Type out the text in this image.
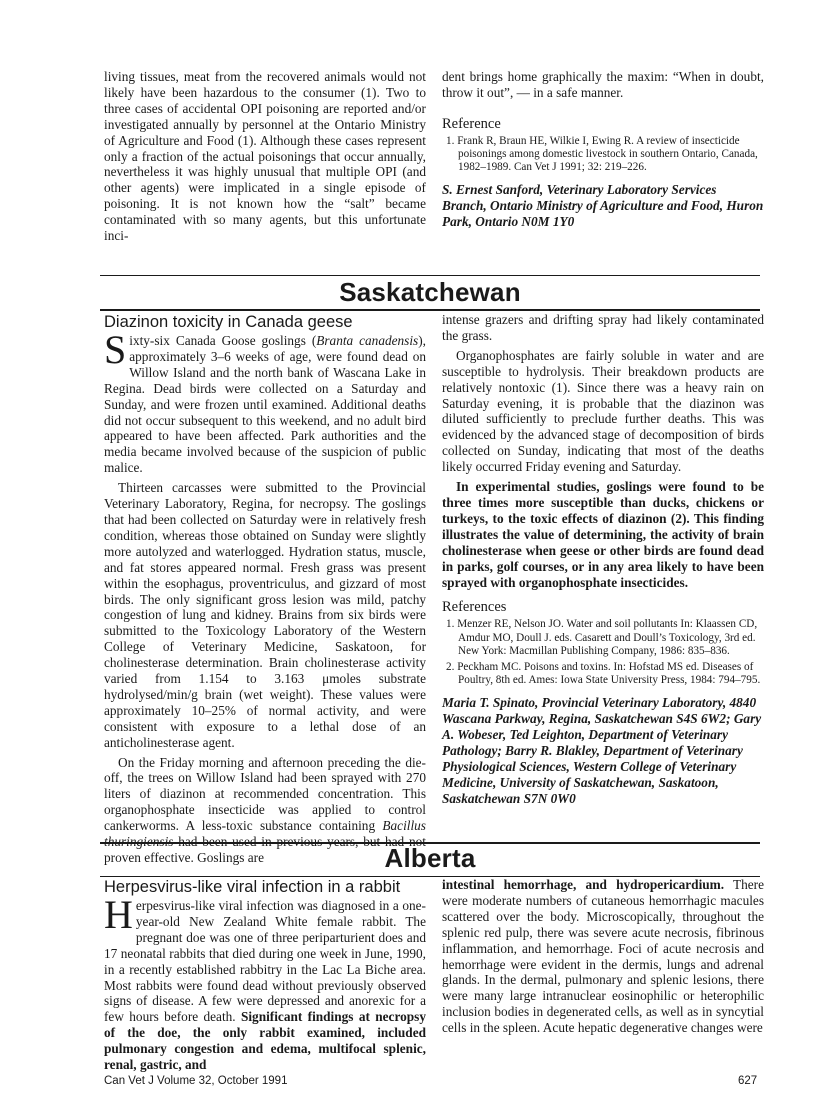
living tissues, meat from the recovered animals would not likely have been hazardous to the consumer (1). Two to three cases of accidental OPI poisoning are reported and/or investigated annually by personnel at the Ontario Ministry of Agriculture and Food (1). Although these cases represent only a fraction of the actual poisonings that occur annually, nevertheless it was highly unusual that multiple OPI (and other agents) were implicated in a single episode of poisoning. It is not known how the “salt” became contaminated with so many agents, but this unfortunate inci-

dent brings home graphically the maxim: “When in doubt, throw it out”, — in a safe manner.

Reference
1. Frank R, Braun HE, Wilkie I, Ewing R. A review of insecticide poisonings among domestic livestock in southern Ontario, Canada, 1982–1989. Can Vet J 1991; 32: 219–226.
S. Ernest Sanford, Veterinary Laboratory Services Branch, Ontario Ministry of Agriculture and Food, Huron Park, Ontario N0M 1Y0
Saskatchewan
Diazinon toxicity in Canada geese

Sixty-six Canada Goose goslings (Branta canadensis), approximately 3–6 weeks of age, were found dead on Willow Island and the north bank of Wascana Lake in Regina. Dead birds were collected on a Saturday and Sunday, and were frozen until examined. Additional deaths did not occur subsequent to this weekend, and no adult bird appeared to have been affected. Park authorities and the media became involved because of the suspicion of public malice.

Thirteen carcasses were submitted to the Provincial Veterinary Laboratory, Regina, for necropsy. The goslings that had been collected on Saturday were in relatively fresh condition, whereas those obtained on Sunday were slightly more autolyzed and waterlogged. Hydration status, muscle, and fat stores appeared normal. Fresh grass was present within the esophagus, proventriculus, and gizzard of most birds. The only significant gross lesion was mild, patchy congestion of lung and kidney. Brains from six birds were submitted to the Toxicology Laboratory of the Western College of Veterinary Medicine, Saskatoon, for cholinesterase determination. Brain cholinesterase activity varied from 1.154 to 3.163 μmoles substrate hydrolysed/min/g brain (wet weight). These values were approximately 10–25% of normal activity, and were consistent with exposure to a lethal dose of an anticholinesterase agent.

On the Friday morning and afternoon preceding the die-off, the trees on Willow Island had been sprayed with 270 liters of diazinon at recommended concentration. This organophosphate insecticide was applied to control cankerworms. A less-toxic substance containing Bacillus thuringiensis had been used in previous years, but had not proven effective. Goslings are

intense grazers and drifting spray had likely contaminated the grass.

Organophosphates are fairly soluble in water and are susceptible to hydrolysis. Their breakdown products are relatively nontoxic (1). Since there was a heavy rain on Saturday evening, it is probable that the diazinon was diluted sufficiently to preclude further deaths. This was evidenced by the advanced stage of decomposition of birds collected on Sunday, indicating that most of the deaths likely occurred Friday evening and Saturday.

In experimental studies, goslings were found to be three times more susceptible than ducks, chickens or turkeys, to the toxic effects of diazinon (2). This finding illustrates the value of determining, the activity of brain cholinesterase when geese or other birds are found dead in parks, golf courses, or in any area likely to have been sprayed with organophosphate insecticides.

References
1. Menzer RE, Nelson JO. Water and soil pollutants In: Klaassen CD, Amdur MO, Doull J. eds. Casarett and Doull’s Toxicology, 3rd ed. New York: Macmillan Publishing Company, 1986: 835–836.
2. Peckham MC. Poisons and toxins. In: Hofstad MS ed. Diseases of Poultry, 8th ed. Ames: Iowa State University Press, 1984: 794–795.
Maria T. Spinato, Provincial Veterinary Laboratory, 4840 Wascana Parkway, Regina, Saskatchewan S4S 6W2; Gary A. Wobeser, Ted Leighton, Department of Veterinary Pathology; Barry R. Blakley, Department of Veterinary Physiological Sciences, Western College of Veterinary Medicine, University of Saskatchewan, Saskatoon, Saskatchewan S7N 0W0
Alberta
Herpesvirus-like viral infection in a rabbit

Herpesvirus-like viral infection was diagnosed in a one-year-old New Zealand White female rabbit. The pregnant doe was one of three periparturient does and 17 neonatal rabbits that died during one week in June, 1990, in a recently established rabbitry in the Lac La Biche area. Most rabbits were found dead without previously observed signs of disease. A few were depressed and anorexic for a few hours before death. Significant findings at necropsy of the doe, the only rabbit examined, included pulmonary congestion and edema, multifocal splenic, renal, gastric, and

intestinal hemorrhage, and hydropericardium. There were moderate numbers of cutaneous hemorrhagic macules scattered over the body. Microscopically, throughout the splenic red pulp, there was severe acute necrosis, fibrinous inflammation, and hemorrhage. Foci of acute necrosis and hemorrhage were evident in the dermis, lungs and adrenal glands. In the dermal, pulmonary and splenic lesions, there were many large intranuclear eosinophilic or heterophilic inclusion bodies in degenerated cells, as well as in syncytial cells in the spleen. Acute hepatic degenerative changes were

Can Vet J Volume 32, October 1991	627
